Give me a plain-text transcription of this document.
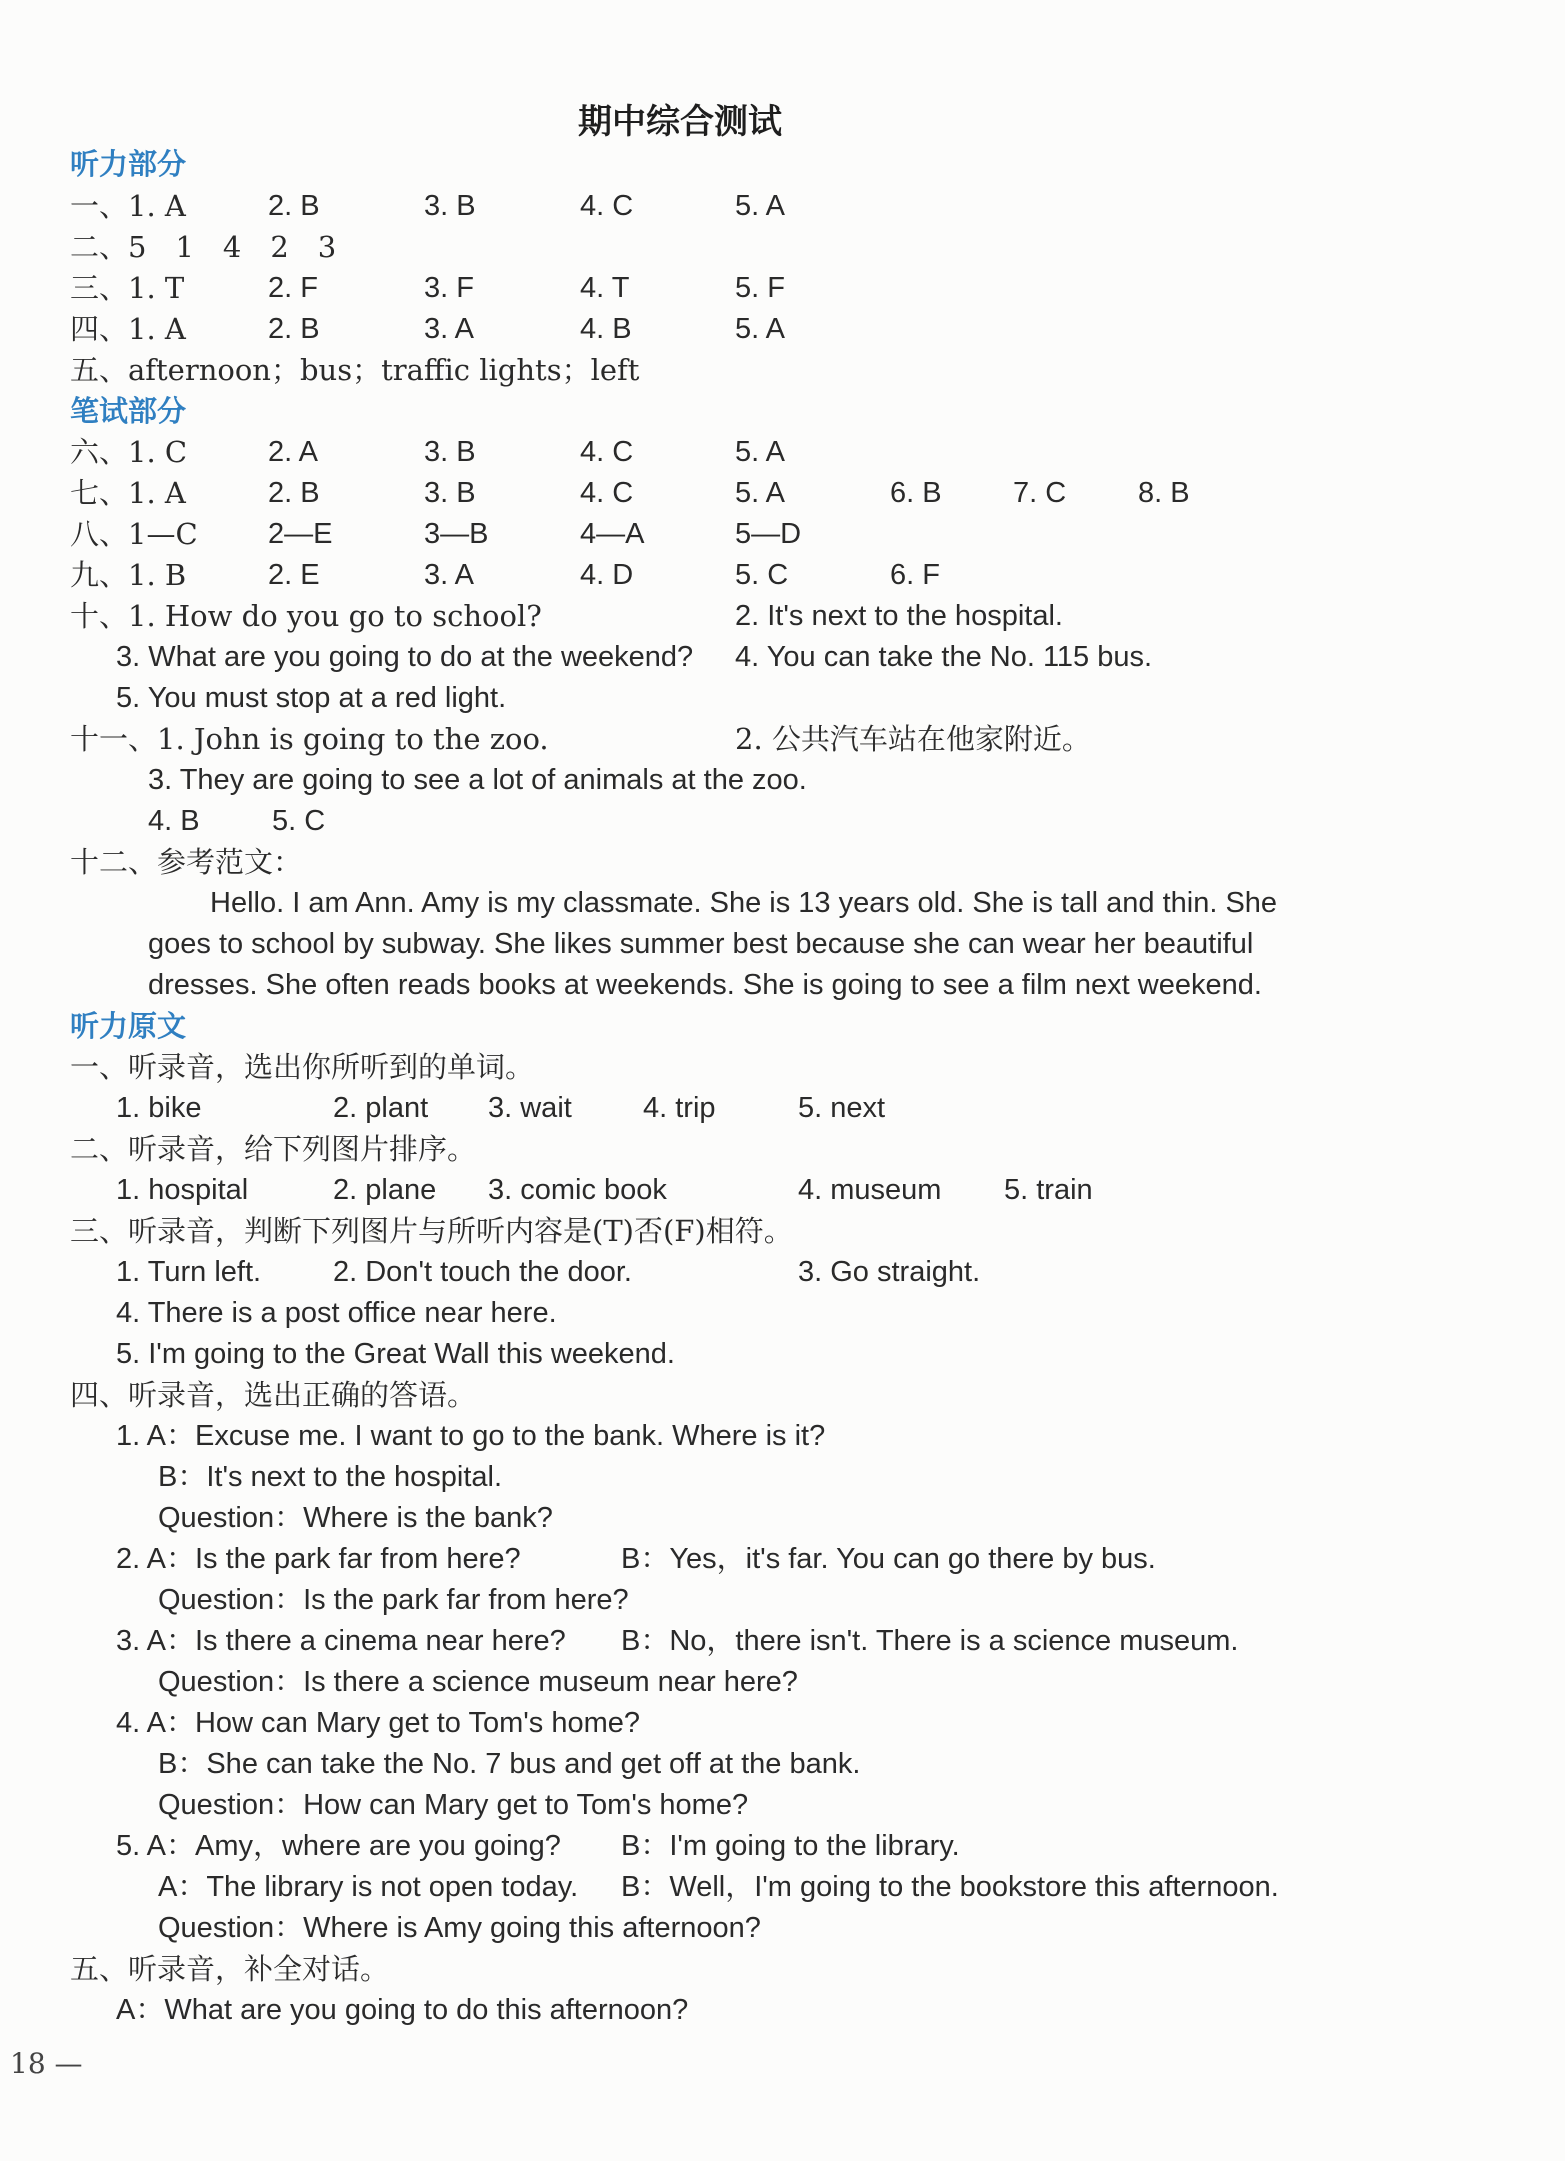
期中综合测试
听力部分
一、1. A	2. B	3. B	4. C	5. A
二、5　1　4　2　3
三、1. T	2. F	3. F	4. T	5. F
四、1. A	2. B	3. A	4. B	5. A
五、afternoon；bus；traffic lights；left
笔试部分
六、1. C	2. A	3. B	4. C	5. A
七、1. A	2. B	3. B	4. C	5. A	6. B 7. C 8. B
八、1—C 2—E	3—B	4—A	5—D
九、1. B	2. E	3. A	4. D	5. C	6. F
十、1. How do you go to school?	2. It's next to the hospital.
3. What are you going to do at the weekend? 4. You can take the No. 115 bus.
5. You must stop at a red light.
十一、1. John is going to the zoo.	2. 公共汽车站在他家附近。
3. They are going to see a lot of animals at the zoo.
4. B 5. C
十二、参考范文：
Hello. I am Ann. Amy is my classmate. She is 13 years old. She is tall and thin. She
goes to school by subway. She likes summer best because she can wear her beautiful
dresses. She often reads books at weekends. She is going to see a film next weekend.
听力原文
一、听录音，选出你所听到的单词。
1. bike	2. plant 3. wait 4. trip	5. next
二、听录音，给下列图片排序。
1. hospital	2. plane 3. comic book	4. museum 5. train
三、听录音，判断下列图片与所听内容是(T)否(F)相符。
1. Turn left. 2. Don't touch the door.	3. Go straight.
4. There is a post office near here.
5. I'm going to the Great Wall this weekend.
四、听录音，选出正确的答语。
1. A：Excuse me. I want to go to the bank. Where is it?
B：It's next to the hospital.
Question：Where is the bank?
2. A：Is the park far from here?	B：Yes，it's far. You can go there by bus.
Question：Is the park far from here?
3. A：Is there a cinema near here? B：No，there isn't. There is a science museum.
Question：Is there a science museum near here?
4. A：How can Mary get to Tom's home?
B：She can take the No. 7 bus and get off at the bank.
Question：How can Mary get to Tom's home?
5. A：Amy，where are you going? B：I'm going to the library.
A：The library is not open today. B：Well，I'm going to the bookstore this afternoon.
Question：Where is Amy going this afternoon?
五、听录音，补全对话。
A：What are you going to do this afternoon?
18 —
